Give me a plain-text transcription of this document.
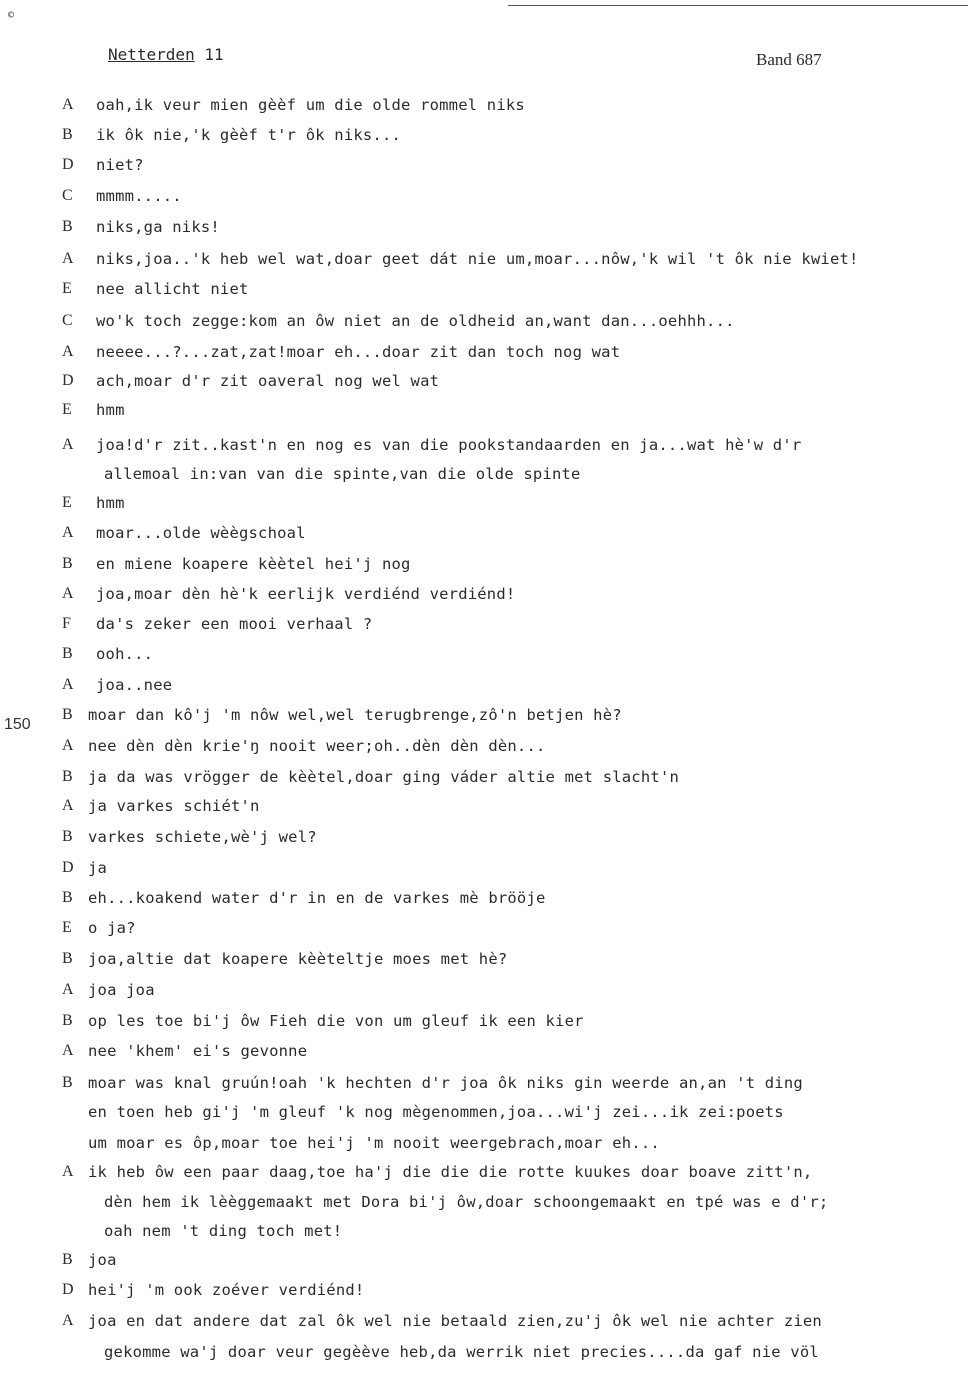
©
Netterden 11	Band 687
150
A	oah,ik veur mien gèèf um die olde rommel niks
B	ik ôk nie,'k gèèf t'r ôk niks...
D	niet?
C	mmmm.....
B	niks,ga niks!
A	niks,joa..'k heb wel wat,doar geet dát nie um,moar...nôw,'k wil 't ôk nie kwiet!
E	nee allicht niet
C	wo'k toch zegge:kom an ôw niet an de oldheid an,want dan...oehhh...
A	neeee...?...zat,zat!moar eh...doar zit dan toch nog wat
D	ach,moar d'r zit oaveral nog wel wat
E	hmm
A	joa!d'r zit..kast'n en nog es van die pookstandaarden en ja...wat hè'w d'r
allemoal in:van van die spinte,van die olde spinte
E	hmm
A	moar...olde wèègschoal
B	en miene koapere kèètel hei'j nog
A	joa,moar dèn hè'k eerlijk verdiénd verdiénd!
F	da's zeker een mooi verhaal ?
B	ooh...
A	joa..nee
B moar dan kô'j 'm nôw wel,wel terugbrenge,zô'n betjen hè?
A nee dèn dèn krie'ŋ nooit weer;oh..dèn dèn dèn...
B ja da was vrögger de kèètel,doar ging váder altie met slacht'n
A ja varkes schiét'n
B varkes schiete,wè'j wel?
D ja
B eh...koakend water d'r in en de varkes mè brööje
E	o ja?
B joa,altie dat koapere kèèteltje moes met hè?
A joa joa
B op les toe bi'j ôw Fieh die von um gleuf ik een kier
A nee 'khem' ei's gevonne
B moar was knal gruún!oah 'k hechten d'r joa ôk niks gin weerde an,an 't ding
en toen heb gi'j 'm gleuf 'k nog mègenommen,joa...wi'j zei...ik zei:poets
um moar es ôp,moar toe hei'j 'm nooit weergebrach,moar eh...
A ik heb ôw een paar daag,toe ha'j die die die rotte kuukes doar boave zitt'n,
dèn hem ik lèèggemaakt met Dora bi'j ôw,doar schoongemaakt en tpé was e d'r;
oah nem 't ding toch met!
B joa
D hei'j 'm ook zoéver verdiénd!
A joa en dat andere dat zal ôk wel nie betaald zien,zu'j ôk wel nie achter zien
gekomme wa'j doar veur gegèève heb,da werrik niet precies....da gaf nie völ
